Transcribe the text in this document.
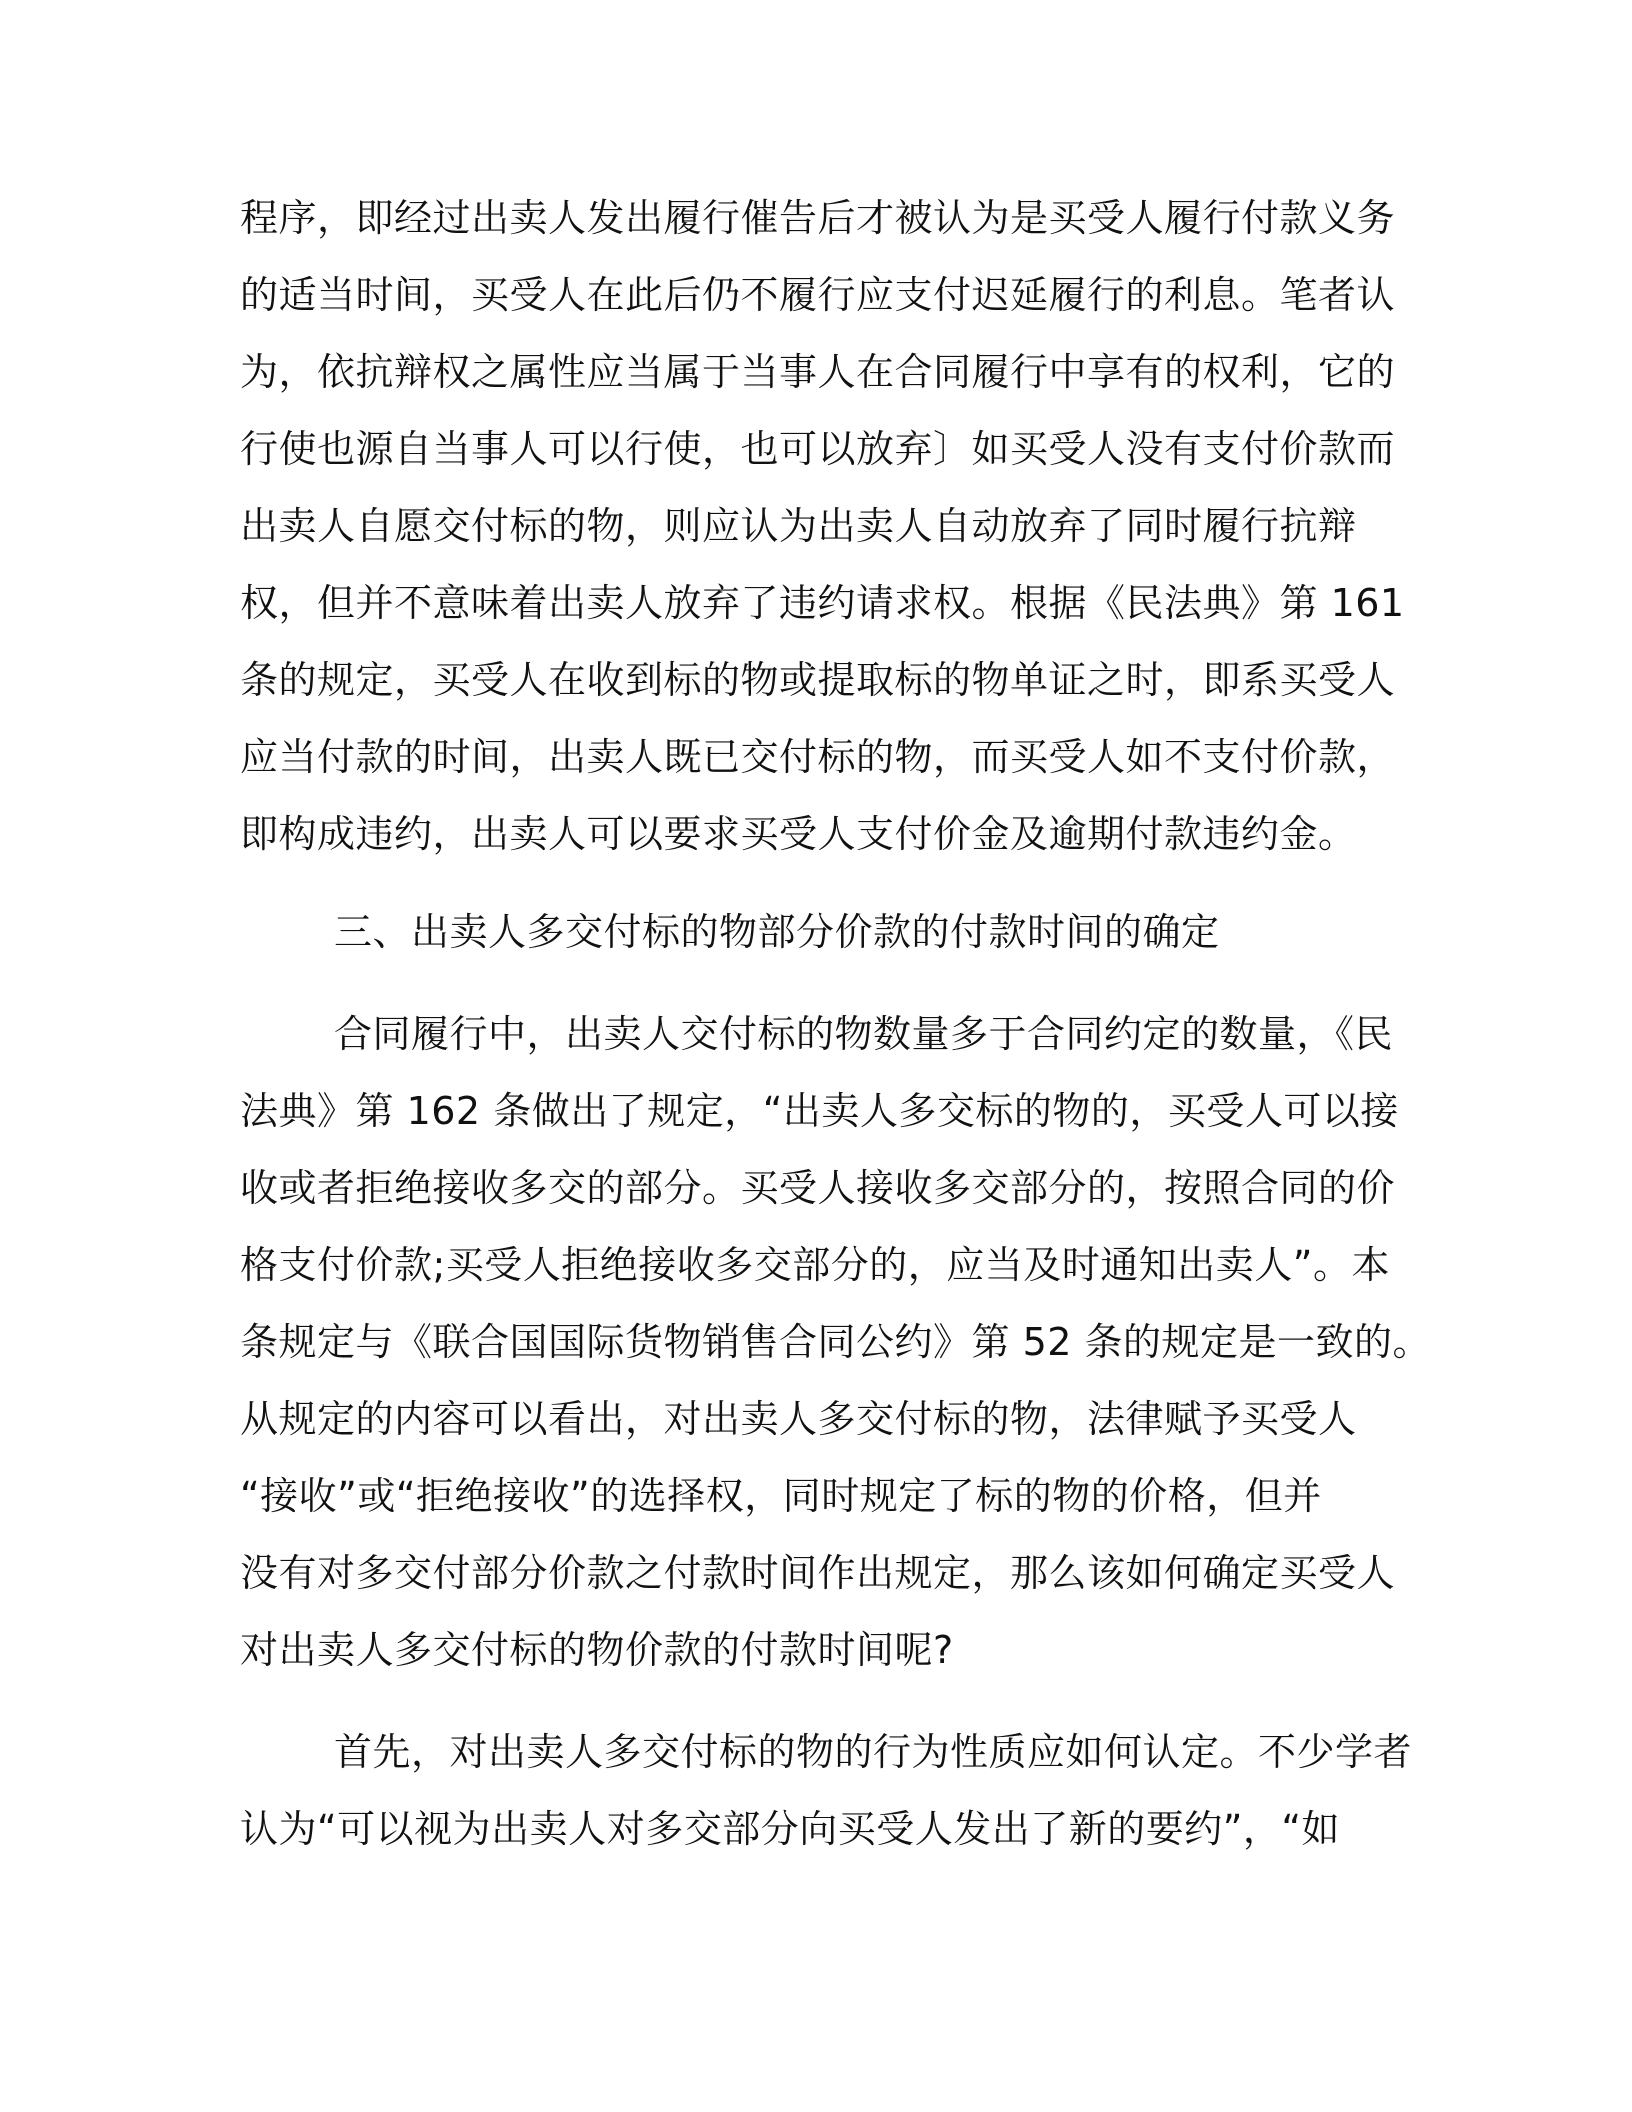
程序，即经过出卖人发出履行催告后才被认为是买受人履行付款义务
的适当时间，买受人在此后仍不履行应支付迟延履行的利息。笔者认
为，依抗辩权之属性应当属于当事人在合同履行中享有的权利，它的
行使也源自当事人可以行使，也可以放弃〕如买受人没有支付价款而
出卖人自愿交付标的物，则应认为出卖人自动放弃了同时履行抗辩
权，但并不意味着出卖人放弃了违约请求权。根据《民法典》第 161
条的规定，买受人在收到标的物或提取标的物单证之时，即系买受人
应当付款的时间，出卖人既已交付标的物，而买受人如不支付价款，
即构成违约，出卖人可以要求买受人支付价金及逾期付款违约金。
三、出卖人多交付标的物部分价款的付款时间的确定
合同履行中，出卖人交付标的物数量多于合同约定的数量，《民
法典》第 162 条做出了规定，“出卖人多交标的物的，买受人可以接
收或者拒绝接收多交的部分。买受人接收多交部分的，按照合同的价
格支付价款;买受人拒绝接收多交部分的，应当及时通知出卖人”。本
条规定与《联合国国际货物销售合同公约》第 52 条的规定是一致的。
从规定的内容可以看出，对出卖人多交付标的物，法律赋予买受人
“接收”或“拒绝接收”的选择权，同时规定了标的物的价格，但并
没有对多交付部分价款之付款时间作出规定，那么该如何确定买受人
对出卖人多交付标的物价款的付款时间呢?
首先，对出卖人多交付标的物的行为性质应如何认定。不少学者
认为“可以视为出卖人对多交部分向买受人发出了新的要约”，“如
